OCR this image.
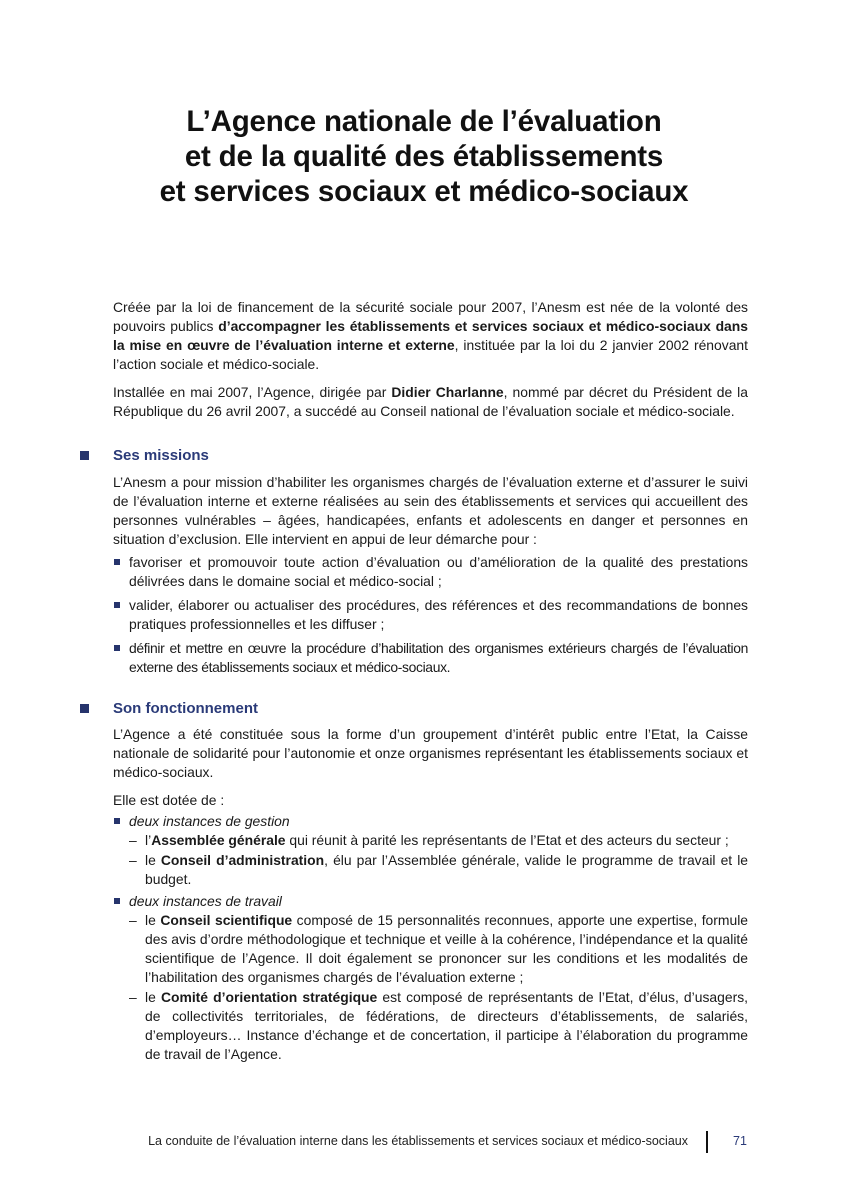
L’Agence nationale de l’évaluation
et de la qualité des établissements
et services sociaux et médico-sociaux

Créée par la loi de financement de la sécurité sociale pour 2007, l’Anesm est née de la volonté des pouvoirs publics d’accompagner les établissements et services sociaux et médico-sociaux dans la mise en œuvre de l’évaluation interne et externe, instituée par la loi du 2 janvier 2002 rénovant l’action sociale et médico-sociale.

Installée en mai 2007, l’Agence, dirigée par Didier Charlanne, nommé par décret du Président de la République du 26 avril 2007, a succédé au Conseil national de l’évaluation sociale et médico-sociale.

Ses missions

L’Anesm a pour mission d’habiliter les organismes chargés de l’évaluation externe et d’assurer le suivi de l’évaluation interne et externe réalisées au sein des établissements et services qui accueillent des personnes vulnérables – âgées, handicapées, enfants et adolescents en danger et personnes en situation d’exclusion. Elle intervient en appui de leur démarche pour :

favoriser et promouvoir toute action d’évaluation ou d’amélioration de la qualité des prestations délivrées dans le domaine social et médico-social ;
valider, élaborer ou actualiser des procédures, des références et des recommandations de bonnes pratiques professionnelles et les diffuser ;
définir et mettre en œuvre la procédure d’habilitation des organismes extérieurs chargés de l’évaluation externe des établissements sociaux et médico-sociaux.
Son fonctionnement

L’Agence a été constituée sous la forme d’un groupement d’intérêt public entre l’Etat, la Caisse nationale de solidarité pour l’autonomie et onze organismes représentant les établissements sociaux et médico-sociaux.

Elle est dotée de :

deux instances de gestion
– l’Assemblée générale qui réunit à parité les représentants de l’Etat et des acteurs du secteur ;
– le Conseil d’administration, élu par l’Assemblée générale, valide le programme de travail et le budget.
deux instances de travail
– le Conseil scientifique composé de 15 personnalités reconnues, apporte une expertise, formule des avis d’ordre méthodologique et technique et veille à la cohérence, l’indépendance et la qualité scientifique de l’Agence. Il doit également se prononcer sur les conditions et les modalités de l’habilitation des organismes chargés de l’évaluation externe ;
– le Comité d’orientation stratégique est composé de représentants de l’Etat, d’élus, d’usagers, de collectivités territoriales, de fédérations, de directeurs d’établissements, de salariés, d’employeurs… Instance d’échange et de concertation, il participe à l’élaboration du programme de travail de l’Agence.
La conduite de l’évaluation interne dans les établissements et services sociaux et médico-sociaux	71
